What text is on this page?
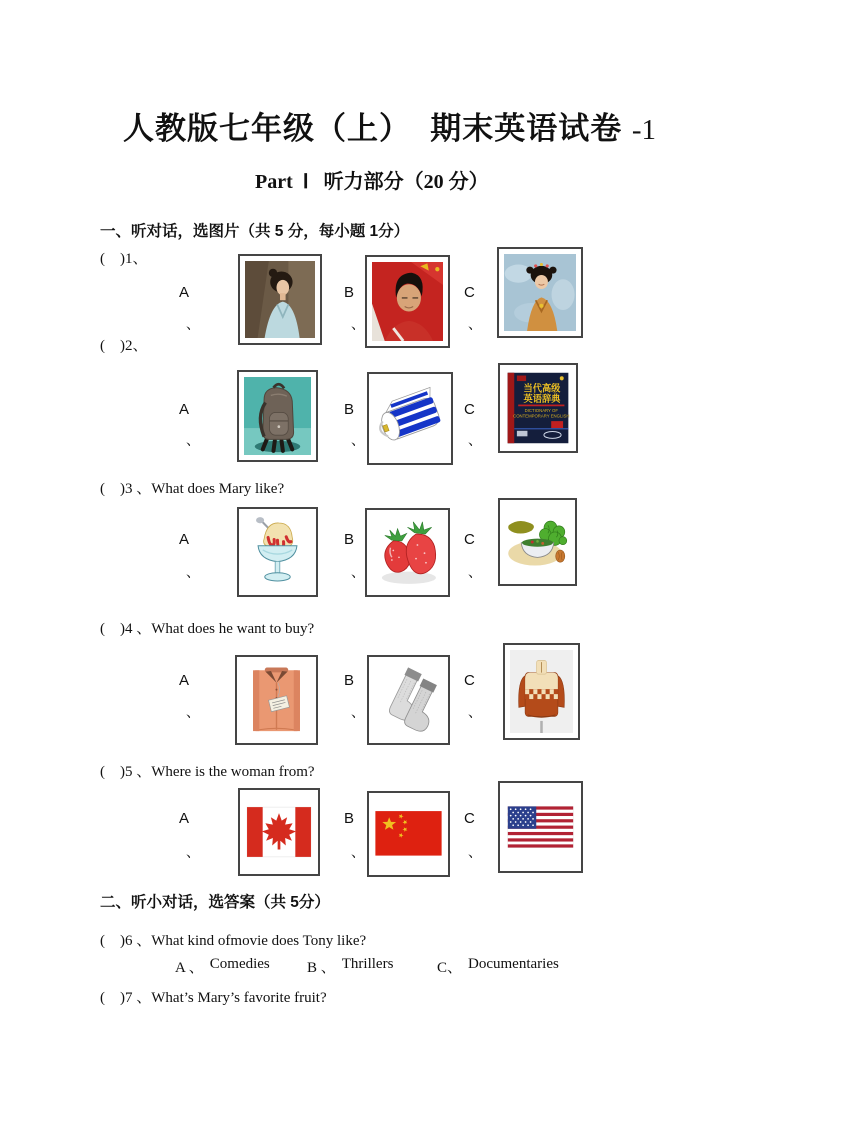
人教版七年级（上）  期末英语试卷 -1
Part  Ⅰ   听力部分（20 分）
一、听对话，选图片（共 5 分，每小题 1分）
(    )1、
A
、
B
、
C
、
(    )2、
A
、
B
、
C
、
当代高级
英语辞典
DICTIONARY OF
CONTEMPORARY ENGLISH
(    )3 、What does Mary like?
A
、
B
、
C
、
(    )4 、What does he want to buy?
A
、
B
、
C
、
(    )5 、Where is the woman from?
A
、
B
、
C
、
二、听小对话，选答案（共 5分）
(    )6 、What kind ofmovie does Tony like?
A 、 Comedies B 、 Thrillers	C、 Documentaries
(    )7 、What’s Mary’s favorite fruit?
